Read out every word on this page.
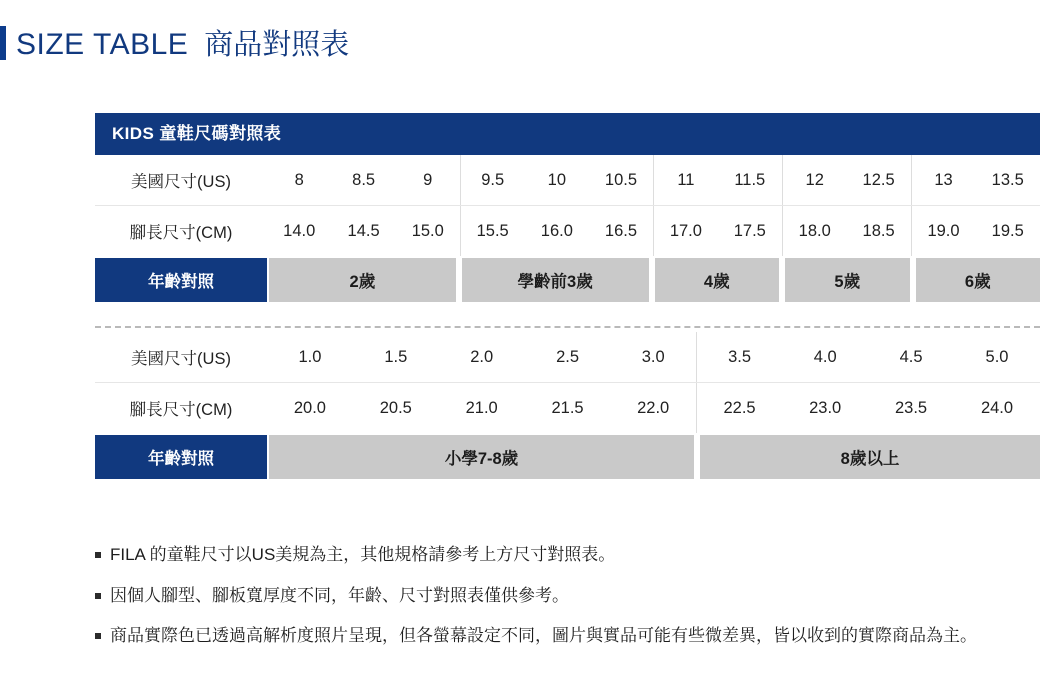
SIZE TABLE 商品對照表
KIDS 童鞋尺碼對照表
美國尺寸(US)	8	8.5	9	9.5	10	10.5	11	11.5	12	12.5	13	13.5
腳長尺寸(CM)	14.0	14.5	15.0	15.5	16.0	16.5	17.0	17.5	18.0	18.5	19.0	19.5
年齡對照	2歲	學齡前3歲	4歲	5歲	6歲
美國尺寸(US)	1.0	1.5	2.0	2.5	3.0	3.5	4.0	4.5	5.0
腳長尺寸(CM)	20.0	20.5	21.0	21.5	22.0	22.5	23.0	23.5	24.0
年齡對照	小學7-8歲	8歲以上
FILA 的童鞋尺寸以US美規為主，其他規格請參考上方尺寸對照表。
因個人腳型、腳板寬厚度不同，年齡、尺寸對照表僅供參考。
商品實際色已透過高解析度照片呈現，但各螢幕設定不同，圖片與實品可能有些微差異，皆以收到的實際商品為主。
